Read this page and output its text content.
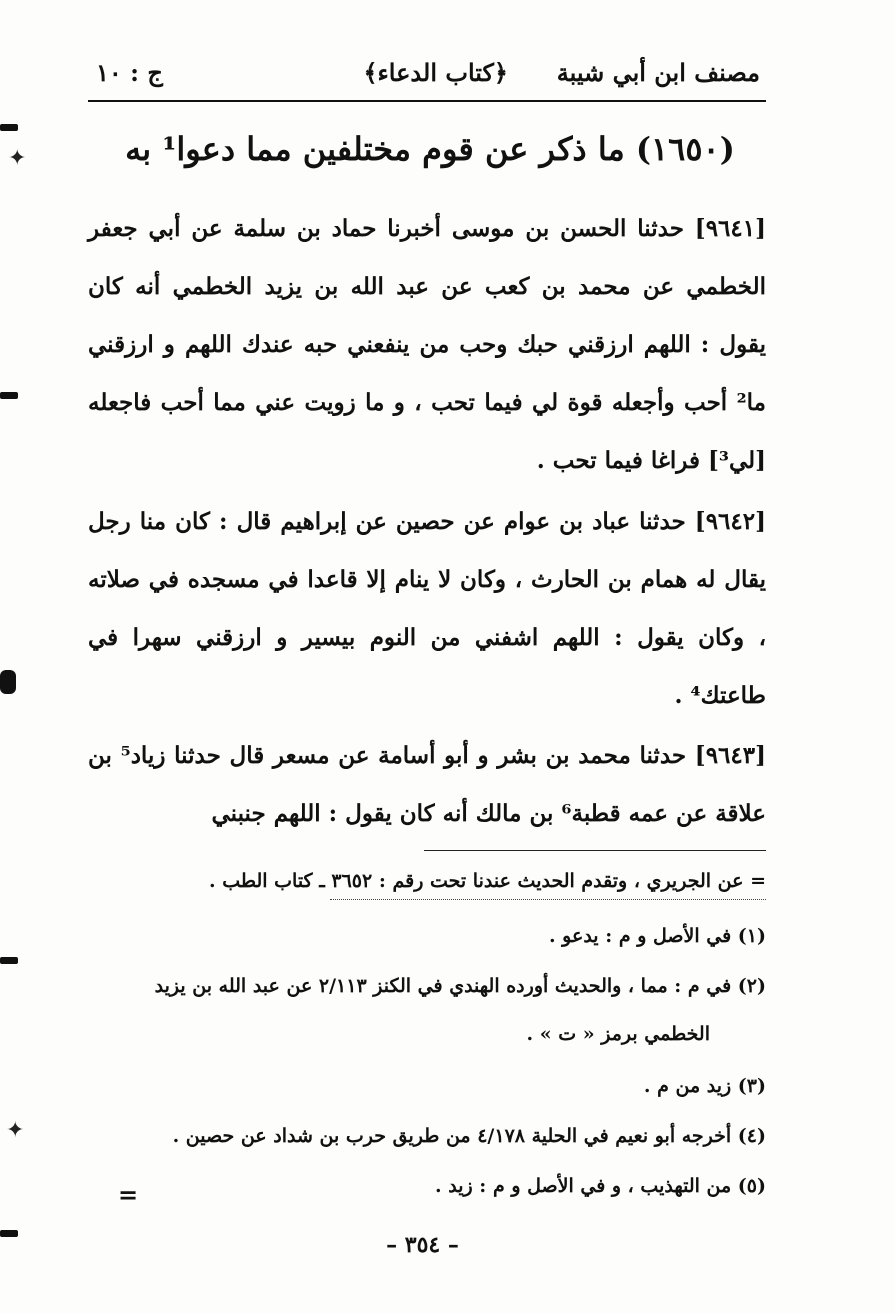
✦
✦
مصنف ابن أبي شيبة
﴿كتاب الدعاء﴾
ج : ١٠
(١٦٥٠) ما ذكر عن قوم مختلفين مما دعوا¹ به
[٩٦٤١] حدثنا الحسن بن موسى أخبرنا حماد بن سلمة عن أبي جعفر الخطمي عن محمد بن كعب عن عبد الله بن يزيد الخطمي أنه كان يقول : اللهم ارزقني حبك وحب من ينفعني حبه عندك اللهم و ارزقني ما² أحب وأجعله قوة لي فيما تحب ، و ما زويت عني مما أحب فاجعله [لي³] فراغا فيما تحب .
[٩٦٤٢] حدثنا عباد بن عوام عن حصين عن إبراهيم قال : كان منا رجل يقال له همام بن الحارث ، وكان لا ينام إلا قاعدا في مسجده في صلاته ، وكان يقول : اللهم اشفني من النوم بيسير و ارزقني سهرا في طاعتك⁴ .
[٩٦٤٣] حدثنا محمد بن بشر و أبو أسامة عن مسعر قال حدثنا زياد⁵ بن علاقة عن عمه قطبة⁶ بن مالك أنه كان يقول : اللهم جنبني
= عن الجريري ، وتقدم الحديث عندنا تحت رقم : ٣٦٥٢ ـ كتاب الطب .
(١) في الأصل و م : يدعو .
(٢) في م : مما ، والحديث أورده الهندي في الكنز ٢/١١٣ عن عبد الله بن يزيد
الخطمي برمز « ت » .
(٣) زيد من م .
(٤) أخرجه أبو نعيم في الحلية ٤/١٧٨ من طريق حرب بن شداد عن حصين .
(٥) من التهذيب ، و في الأصل و م : زيد .
=
– ٣٥٤ –
